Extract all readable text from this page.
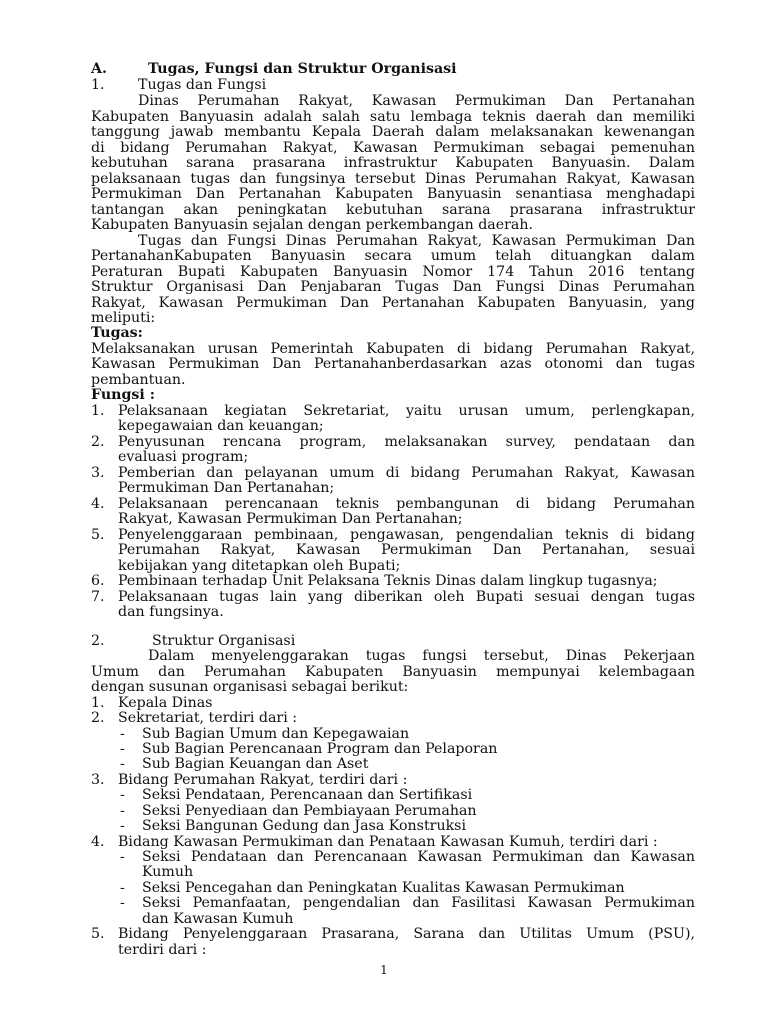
A.	Tugas, Fungsi dan Struktur Organisasi
1. Tugas dan Fungsi
Dinas Perumahan Rakyat, Kawasan Permukiman Dan Pertanahan
Kabupaten Banyuasin adalah salah satu lembaga teknis daerah dan memiliki
tanggung jawab membantu Kepala Daerah dalam melaksanakan kewenangan
di bidang Perumahan Rakyat, Kawasan Permukiman sebagai pemenuhan
kebutuhan sarana prasarana infrastruktur Kabupaten Banyuasin. Dalam
pelaksanaan tugas dan fungsinya tersebut Dinas Perumahan Rakyat, Kawasan
Permukiman Dan Pertanahan Kabupaten Banyuasin senantiasa menghadapi
tantangan akan peningkatan kebutuhan sarana prasarana infrastruktur
Kabupaten Banyuasin sejalan dengan perkembangan daerah.
Tugas dan Fungsi Dinas Perumahan Rakyat, Kawasan Permukiman Dan
PertanahanKabupaten Banyuasin secara umum telah dituangkan dalam
Peraturan Bupati Kabupaten Banyuasin Nomor 174 Tahun 2016 tentang
Struktur Organisasi Dan Penjabaran Tugas Dan Fungsi Dinas Perumahan
Rakyat, Kawasan Permukiman Dan Pertanahan Kabupaten Banyuasin, yang
meliputi:
Tugas:
Melaksanakan urusan Pemerintah Kabupaten di bidang Perumahan Rakyat,
Kawasan Permukiman Dan Pertanahanberdasarkan azas otonomi dan tugas
pembantuan.
Fungsi :
1. Pelaksanaan kegiatan Sekretariat, yaitu urusan umum, perlengkapan,
kepegawaian dan keuangan;
2. Penyusunan rencana program, melaksanakan survey, pendataan dan
evaluasi program;
3. Pemberian dan pelayanan umum di bidang Perumahan Rakyat, Kawasan
Permukiman Dan Pertanahan;
4. Pelaksanaan perencanaan teknis pembangunan di bidang Perumahan
Rakyat, Kawasan Permukiman Dan Pertanahan;
5. Penyelenggaraan pembinaan, pengawasan, pengendalian teknis di bidang
Perumahan Rakyat, Kawasan Permukiman Dan Pertanahan, sesuai
kebijakan yang ditetapkan oleh Bupati;
6. Pembinaan terhadap Unit Pelaksana Teknis Dinas dalam lingkup tugasnya;
7. Pelaksanaan tugas lain yang diberikan oleh Bupati sesuai dengan tugas
dan fungsinya.
2.	Struktur Organisasi
Dalam menyelenggarakan tugas fungsi tersebut, Dinas Pekerjaan
Umum dan Perumahan Kabupaten Banyuasin mempunyai kelembagaan
dengan susunan organisasi sebagai berikut:
1. Kepala Dinas
2. Sekretariat, terdiri dari :
- Sub Bagian Umum dan Kepegawaian
- Sub Bagian Perencanaan Program dan Pelaporan
- Sub Bagian Keuangan dan Aset
3. Bidang Perumahan Rakyat, terdiri dari :
- Seksi Pendataan, Perencanaan dan Sertifikasi
- Seksi Penyediaan dan Pembiayaan Perumahan
- Seksi Bangunan Gedung dan Jasa Konstruksi
4. Bidang Kawasan Permukiman dan Penataan Kawasan Kumuh, terdiri dari :
- Seksi Pendataan dan Perencanaan Kawasan Permukiman dan Kawasan
Kumuh
- Seksi Pencegahan dan Peningkatan Kualitas Kawasan Permukiman
- Seksi Pemanfaatan, pengendalian dan Fasilitasi Kawasan Permukiman
dan Kawasan Kumuh
5. Bidang Penyelenggaraan Prasarana, Sarana dan Utilitas Umum (PSU),
terdiri dari :
1
